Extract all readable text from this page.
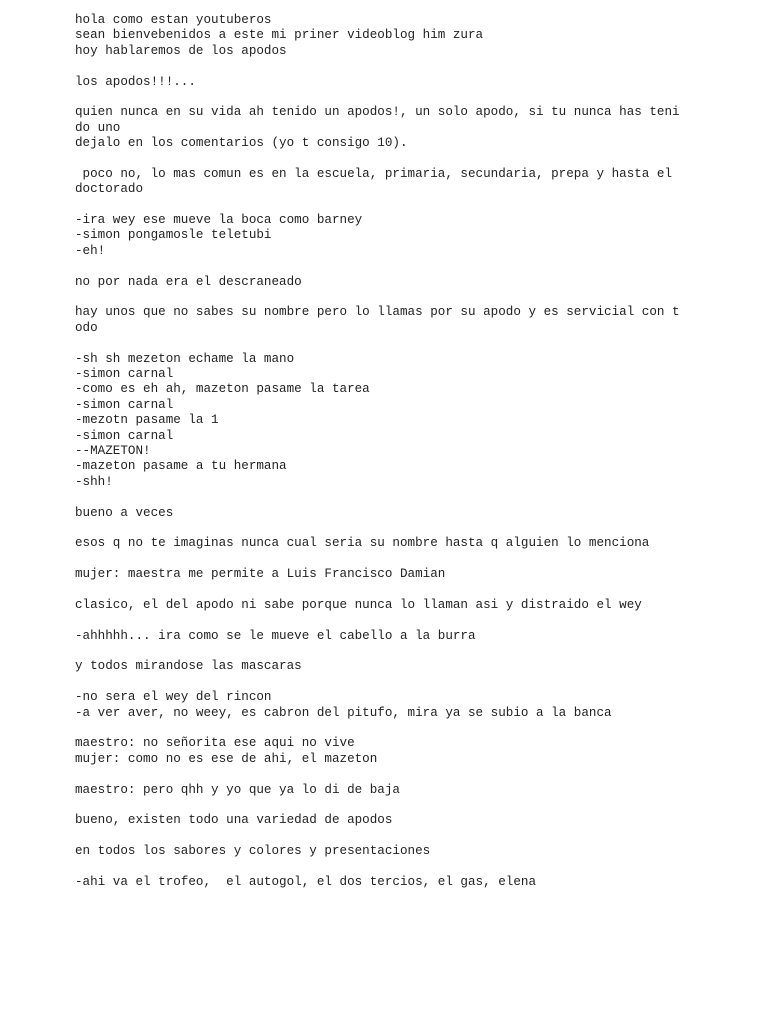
hola como estan youtuberos
sean bienvebenidos a este mi priner videoblog him zura
hoy hablaremos de los apodos
los apodos!!!...
quien nunca en su vida ah tenido un apodos!, un solo apodo, si tu nunca has teni
do uno
dejalo en los comentarios (yo t consigo 10).
poco no, lo mas comun es en la escuela, primaria, secundaria, prepa y hasta el
doctorado
-ira wey ese mueve la boca como barney
-simon pongamosle teletubi
-eh!
no por nada era el descraneado
hay unos que no sabes su nombre pero lo llamas por su apodo y es servicial con t
odo
-sh sh mezeton echame la mano
-simon carnal
-como es eh ah, mazeton pasame la tarea
-simon carnal
-mezotn pasame la 1
-simon carnal
--MAZETON!
-mazeton pasame a tu hermana
-shh!
bueno a veces
esos q no te imaginas nunca cual seria su nombre hasta q alguien lo menciona
mujer: maestra me permite a Luis Francisco Damian
clasico, el del apodo ni sabe porque nunca lo llaman asi y distraido el wey
-ahhhhh... ira como se le mueve el cabello a la burra
y todos mirandose las mascaras
-no sera el wey del rincon
-a ver aver, no weey, es cabron del pitufo, mira ya se subio a la banca
maestro: no señorita ese aqui no vive
mujer: como no es ese de ahi, el mazeton
maestro: pero qhh y yo que ya lo di de baja
bueno, existen todo una variedad de apodos
en todos los sabores y colores y presentaciones
-ahi va el trofeo,  el autogol, el dos tercios, el gas, elena
